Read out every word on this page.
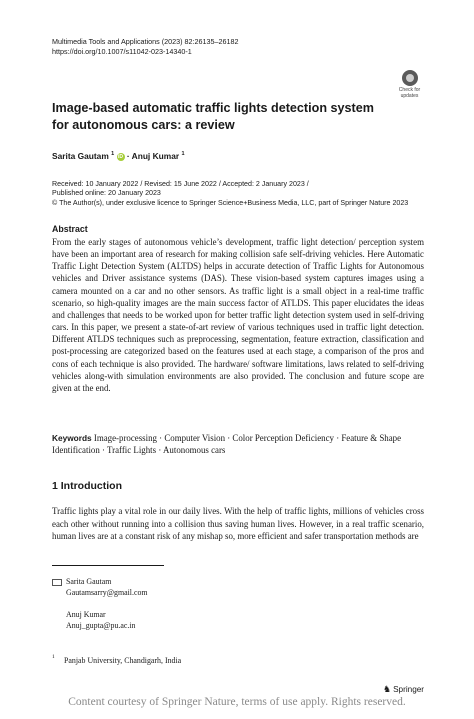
Multimedia Tools and Applications (2023) 82:26135–26182
https://doi.org/10.1007/s11042-023-14340-1
Check for
updates
Image-based automatic traffic lights detection system for autonomous cars: a review
Sarita Gautam $^1$ iD · Anuj Kumar $^1$
Received: 10 January 2022 / Revised: 15 June 2022 / Accepted: 2 January 2023 /
Published online: 20 January 2023
© The Author(s), under exclusive licence to Springer Science+Business Media, LLC, part of Springer Nature 2023
Abstract
From the early stages of autonomous vehicle’s development, traffic light detection/ perception system have been an important area of research for making collision safe self-driving vehicles. Here Automatic Traffic Light Detection System (ALTDS) helps in accurate detection of Traffic Lights for Autonomous vehicles and Driver assistance systems (DAS). These vision-based system captures images using a camera mounted on a car and no other sensors. As traffic light is a small object in a real-time traffic scenario, so high-quality images are the main success factor of ATLDS. This paper elucidates the ideas and challenges that needs to be worked upon for better traffic light detection system used in self-driving cars. In this paper, we present a state-of-art review of various techniques used in traffic light detection. Different ATLDS techniques such as preprocessing, segmentation, feature extraction, classification and post-processing are categorized based on the features used at each stage, a comparison of the pros and cons of each technique is also provided. The hardware/ software limitations, laws related to self-driving vehicles along-with simulation environments are also provided. The conclusion and future scope are given at the end.
Keywords Image-processing · Computer Vision · Color Perception Deficiency · Feature & Shape Identification · Traffic Lights · Autonomous cars
1 Introduction
Traffic lights play a vital role in our daily lives. With the help of traffic lights, millions of vehicles cross each other without running into a collision thus saving human lives. However, in a real traffic scenario, human lives are at a constant risk of any mishap so, more efficient and safer transportation methods are
Sarita Gautam
Gautamsarry@gmail.com
Anuj Kumar
Anuj_gupta@pu.ac.in
1 Panjab University, Chandigarh, India
♞ Springer
Content courtesy of Springer Nature, terms of use apply. Rights reserved.
